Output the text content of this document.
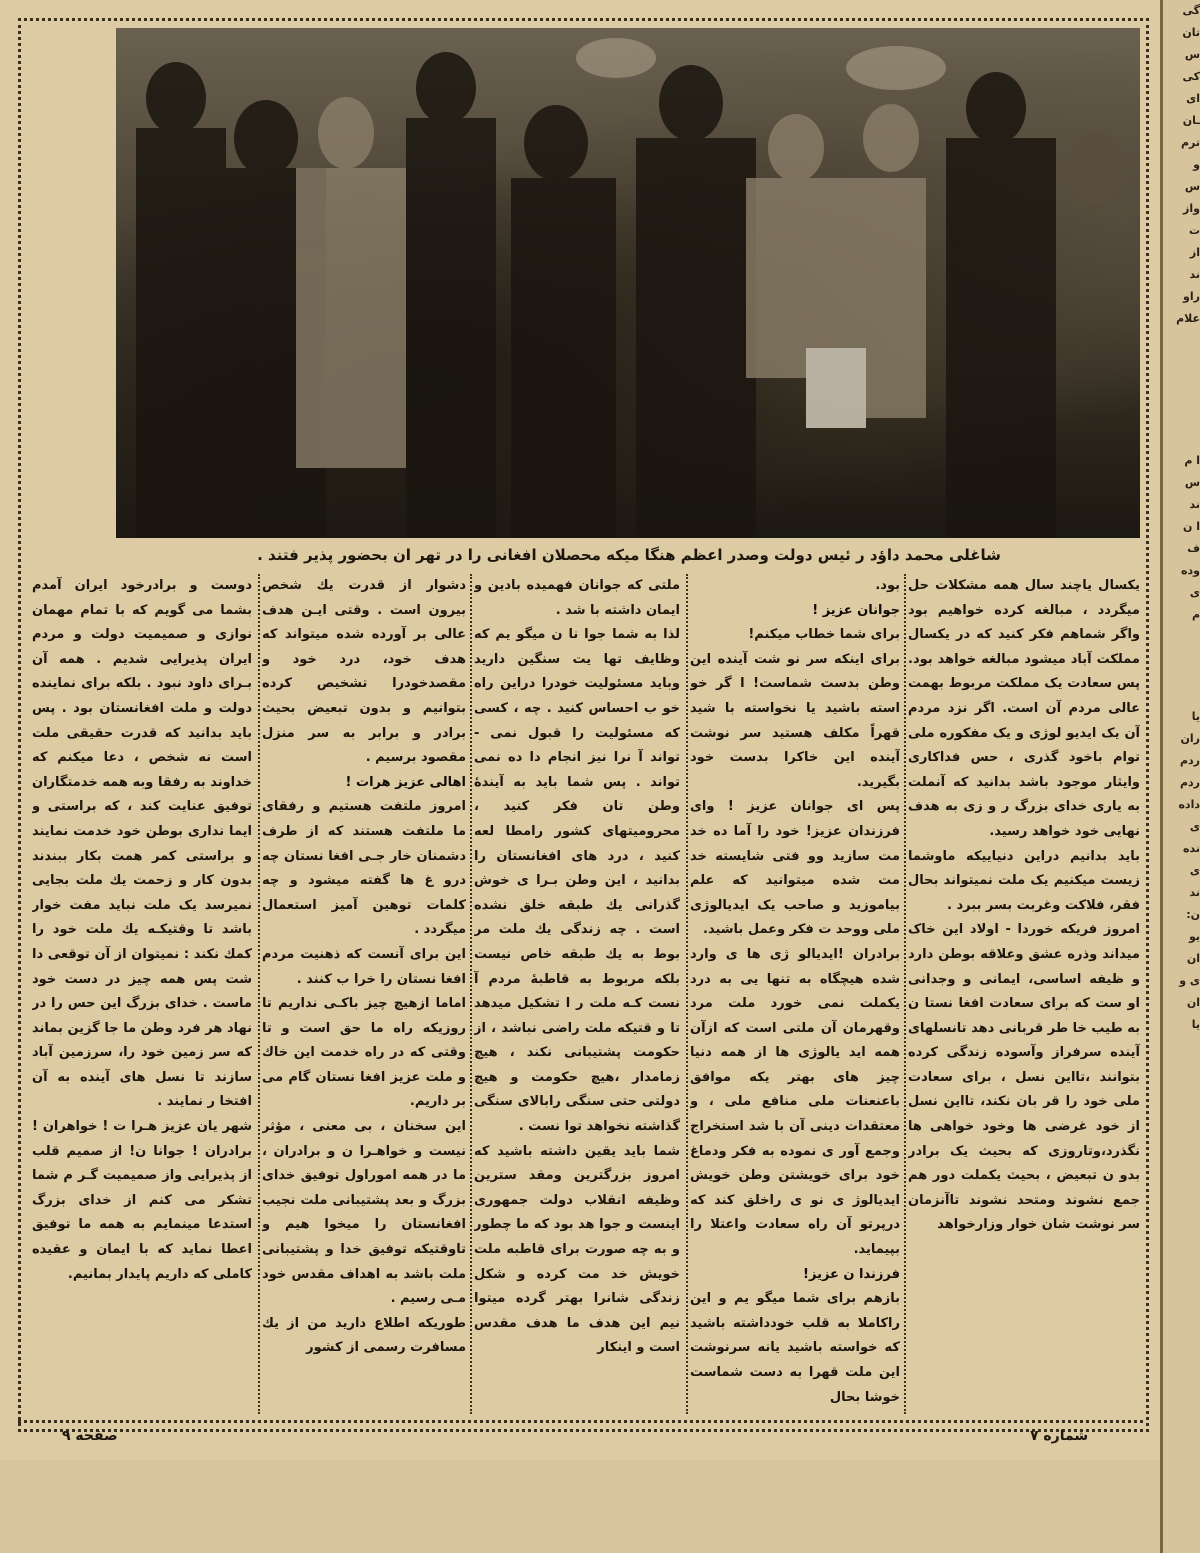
شاغلی محمد داؤد ر ئیس دولت وصدر اعظم هنگا میکه محصلان افغانی را در تهر ان بحضور پذیر فتند .

یکسال یاچند سال همه مشکلات حل میگردد ، مبالغه کرده خواهیم بود واگر شماهم فکر کنید که در یکسال مملکت آباد میشود مبالغه خواهد بود. پس سعادت یک مملکت مربوط بهمت عالی مردم آن است. اگر نزد مردم آن یک ایدیو لوژی و یک مفکوره ملی توام باخود گذری ، حس فداکاری وایثار موجود باشد بدانید که آنملت به یاری خدای بزرگ ر و زی به هدف نهایی خود خواهد رسید.

باید بدانیم دراین دنیاییکه ماوشما زیست میکنیم یک ملت نمیتواند بحال فقر، فلاکت وغربت بسر ببرد .

امروز فریکه خوردا - اولاد این خاک میداند وذره عشق وعلاقه بوطن دارد و ظیفه اساسی، ایمانی و وجدانی او ست که برای سعادت افغا نستا ن به طیب خا طر قربانی دهد تانسلهای آینده سرفراز وآسوده زندگی کرده بتوانند ،تااین نسل ، برای سعادت ملی خود را قر بان نکند، تااین نسل از خود غرضی ها وخود خواهی ها نگذرد،وتاروزی که بحیث یک برادر بدو ن تبعیض ، بحیث یکملت دور هم جمع نشوند ومتحد نشوند تاآنزمان سر نوشت شان خوار وزارخواهد

بود.

جوانان عزیز !

برای شما خطاب میکنم!

برای اینکه سر نو شت آینده این وطن بدست شماست! ا گر خو استه باشید یا نخواسته با شید قهراً مکلف هستید سر نوشت آینده این خاکرا بدست خود بگیرید.

پس ای جوانان عزیز ! وای فرزندان عزیز! خود را آما ده خد مت سازید وو فتی شایسته خد مت شده میتوانید که علم بیاموزید و صاحب یک ایدیالوژی ملی ووحد ت فکر وعمل باشید.

برادران !ایدیالو ژی ها ی وارد شده هیچگاه به تنها یی به درد یکملت نمی خورد ملت مرد وقهرمان آن ملتی است که ازآن همه اید یالوژی ها از همه دنیا چیز های بهتر یکه موافق باعنعنات ملی منافع ملی ، و معتقدات دینی آن با شد استخراج وجمع آور ی نموده به فکر ودماغ خود برای خویشتن وطن خویش ایدیالوژ ی نو ی راخلق کند که درپرتو آن راه سعادت واعتلا را بپیماید.

فرزندا ن عزیز!

بازهم برای شما میگو یم و این راکاملا به قلب خودداشته باشید که خواسته باشید یانه سرنوشت این ملت قهرا به دست شماست خوشا بحال

ملتی که جوانان فهمیده بادین و ایمان داشته با شد .

لذا به شما جوا نا ن میگو یم که وظایف تها یت سنگین دارید وباید مسئولیت خودرا دراین راه خو ب احساس کنید . چه ، کسی که مسئولیت را قبول نمی - تواند آ نرا نیز انجام دا ده نمی تواند . پس شما باید به آیندهٔ وطن تان فکر کنید ، محرومیتهای کشور رامطا لعه کنید ، درد های افغانستان را بدانید ، این وطن بـرا ی خوش گذرانی یك طبقه خلق نشده است . چه زندگی یك ملت مر بوط به یك طبقه خاص نیست بلکه مربوط به قاطبهٔ مردم آ نست کـه ملت ر ا تشکیل میدهد تا و قتیکه ملت راضی نباشد ، از حکومت پشتیبانی نکند ، هیچ زمامدار ،هیچ حکومت و هیچ دولتی حتی سنگی رابالای سنگی گذاشته نخواهد توا نست .

شما باید یقین داشته باشید که امروز بزرگترین ومقد سترین وظیفه انقلاب دولت جمهوری اینست و جوا هد بود که ما چطور و به چه صورت برای قاطبه ملت خویش خد مت کرده و شکل زندگی شانرا بهتر گرده میتوا نیم این هدف ما هدف مقدس است و اینکار

دشوار از قدرت یك شخص بیرون است . وقتی ایـن هدف عالی بر آورده شده میتواند که هدف خود، درد خود و مقصدخودرا تشخیص کرده بتوانیم و بدون تبعیض بحیث برادر و برابر به سر منزل مقصود برسیم .

اهالی عزیز هرات !

امروز ملتفت هستیم و رفقای ما ملتفت هستند که از طرف دشمنان خار جـی افغا نستان چه درو غ ها گفته میشود و چه کلمات توهین آمیز استعمال میگردد .

این برای آنست که ذهنیت مردم افغا نستان را خرا ب کنند .

اماما ازهیچ چیز باکـی نداریم تا روزیکه راه ما حق است و تا وقتی که در راه خدمت این خاك و ملت عزیز افغا نستان گام می بر داریم.

این سخنان ، بی معنی ، مؤثر نیست و خواهـرا ن و برادران ، ما در همه اموراول توفیق خدای بزرگ و بعد پشتیبانی ملت نجیب افغانستان را میخوا هیم و تاوقتیکه توفیق خدا و پشتیبانی ملت باشد به اهداف مقدس خود مـی رسیم .

طوریکه اطلاع دارید من از یك مسافرت رسمی از کشور

دوست و برادرخود ایران آمدم بشما می گویم که با تمام مهمان نوازی و صمیمیت دولت و مردم ایران پذیرایی شدیم . همه آن بـرای داود نبود . بلکه برای نماینده دولت و ملت افغانستان بود . پس باید بدانید که قدرت حقیقی ملت است نه شخص ، دعا میکنم که خداوند به رفقا وبه همه خدمتگاران توفیق عنایت کند ، که براستی و ایما نداری بوطن خود خدمت نمایند و براستی کمر همت بکار ببندند بدون کار و زحمت یك ملت بجایی نمیرسد یک ملت نباید مفت خوار باشد تا وقتیکـه یك ملت خود را کمك نکند : نمیتوان از آن توقعی دا شت پس همه چیز در دست خود ماست . خدای بزرگ این حس را در نهاد هر فرد وطن ما جا گزین بماند که سر زمین خود را، سرزمین آباد سازند تا نسل های آینده به آن افتخا ر نمایند .

شهر یان عزیز هـرا ت ! خواهران !برادران ! جوانا ن! از صمیم قلب از پذیرایی واز صمیمیت گـر م شما تشکر می کنم از خدای بزرگ استدعا مینمایم به همه ما توفیق اعطا نماید که با ایمان و عقیده کاملی که داریم پایدار بمانیم.

صفحه ۹	شماره ۷
گی
تان
س
کی
ای
ـان
ترم
و
س
واز
ت
از
ند
راو
علام
ا م
س
ند
ا ن
ف
وده
ی
م
یا
ران
ردم
ردم
داده
ی
نده
ی
ند
ن:
یو
ان
ی و
ان
یا
